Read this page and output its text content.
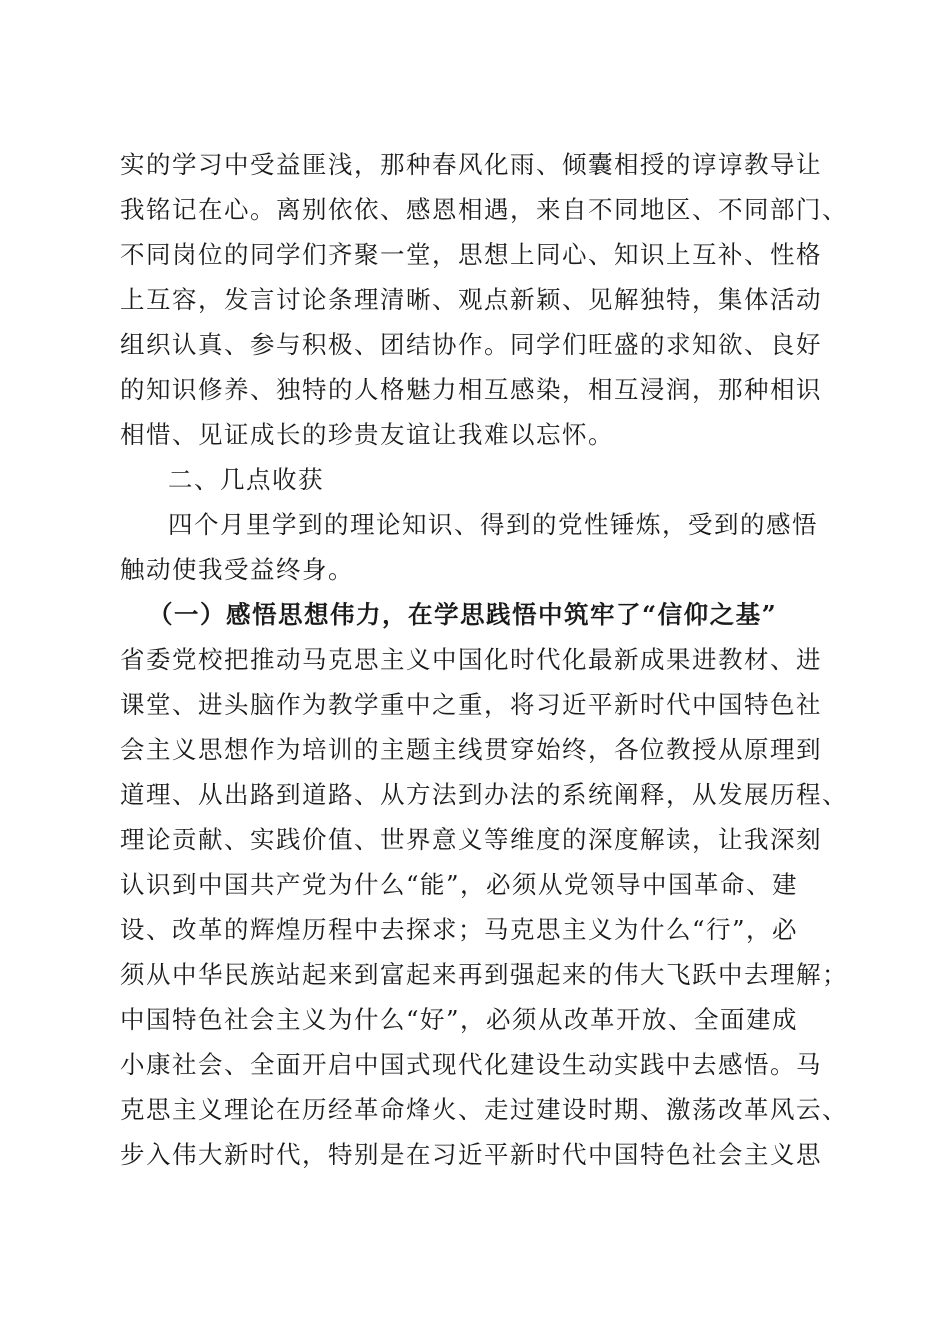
实的学习中受益匪浅，那种春风化雨、倾囊相授的谆谆教导让
我铭记在心。离别依依、感恩相遇，来自不同地区、不同部门、
不同岗位的同学们齐聚一堂，思想上同心、知识上互补、性格
上互容，发言讨论条理清晰、观点新颖、见解独特，集体活动
组织认真、参与积极、团结协作。同学们旺盛的求知欲、良好
的知识修养、独特的人格魅力相互感染，相互浸润，那种相识
相惜、见证成长的珍贵友谊让我难以忘怀。
二、几点收获
四个月里学到的理论知识、得到的党性锤炼，受到的感悟
触动使我受益终身。
（一）感悟思想伟力，在学思践悟中筑牢了“信仰之基”
省委党校把推动马克思主义中国化时代化最新成果进教材、进
课堂、进头脑作为教学重中之重，将习近平新时代中国特色社
会主义思想作为培训的主题主线贯穿始终，各位教授从原理到
道理、从出路到道路、从方法到办法的系统阐释，从发展历程、
理论贡献、实践价值、世界意义等维度的深度解读，让我深刻
认识到中国共产党为什么“能”，必须从党领导中国革命、建
设、改革的辉煌历程中去探求；马克思主义为什么“行”，必
须从中华民族站起来到富起来再到强起来的伟大飞跃中去理解；
中国特色社会主义为什么“好”，必须从改革开放、全面建成
小康社会、全面开启中国式现代化建设生动实践中去感悟。马
克思主义理论在历经革命烽火、走过建设时期、激荡改革风云、
步入伟大新时代，特别是在习近平新时代中国特色社会主义思
